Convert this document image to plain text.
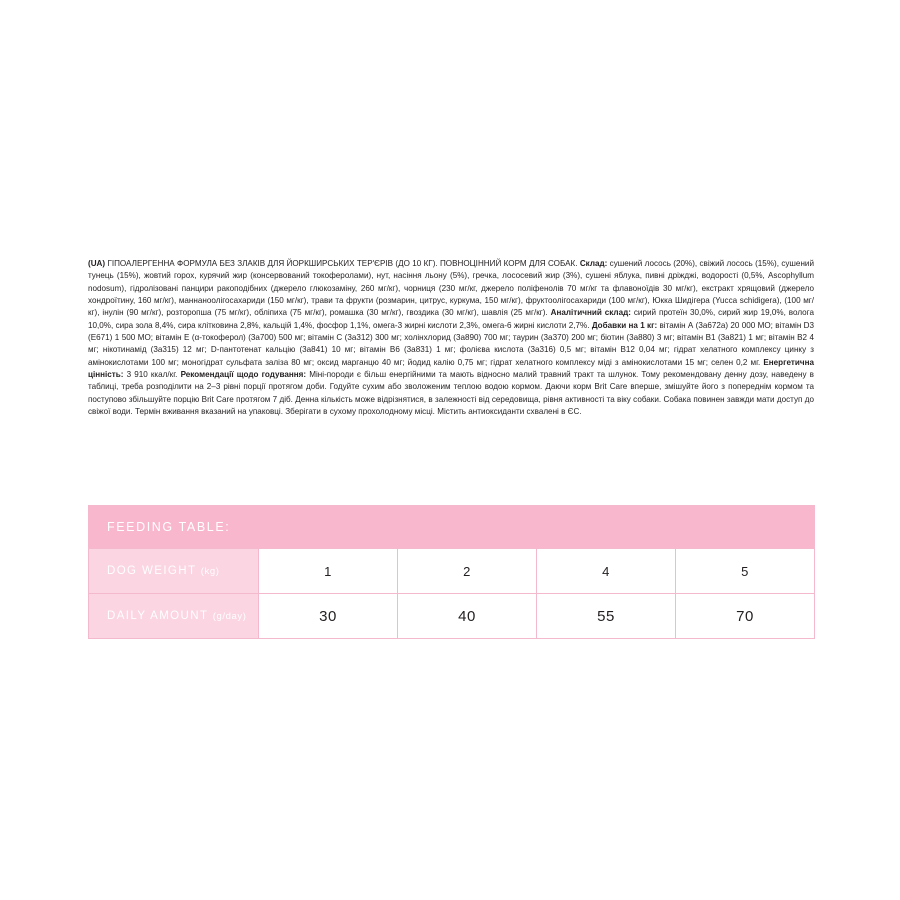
(UA) ГІПОАЛЕРГЕННА ФОРМУЛА БЕЗ ЗЛАКІВ ДЛЯ ЙОРКШИРСЬКИХ ТЕР'ЄРІВ (ДО 10 КГ). ПОВНОЦІННИЙ КОРМ ДЛЯ СОБАК. Склад: сушений лосось (20%), свіжий лосось (15%), сушений тунець (15%), жовтий горох, курячий жир (консервований токоферолами), нут, насіння льону (5%), гречка, лососевий жир (3%), сушені яблука, пивні дріжджі, водорості (0,5%, Ascophyllum nodosum), гідролізовані панцири ракоподібних (джерело глюкозаміну, 260 мг/кг), чорниця (230 мг/кг, джерело поліфенолів 70 мг/кг та флавоноїдів 30 мг/кг), екстракт хрящовий (джерело хондроїтину, 160 мг/кг), маннаноолігосахариди (150 мг/кг), трави та фрукти (розмарин, цитрус, куркума, 150 мг/кг), фруктоолігосахариди (100 мг/кг), Юкка Шидігера (Yucca schidigera), (100 мг/кг), інулін (90 мг/кг), розторопша (75 мг/кг), обліпиха (75 мг/кг), ромашка (30 мг/кг), гвоздика (30 мг/кг), шавлія (25 мг/кг). Аналітичний склад: сирий протеїн 30,0%, сирий жир 19,0%, волога 10,0%, сира зола 8,4%, сира клітковина 2,8%, кальцій 1,4%, фосфор 1,1%, омега-3 жирні кислоти 2,3%, омега-6 жирні кислоти 2,7%. Добавки на 1 кг: вітамін А (3а672а) 20 000 МО; вітамін D3 (Е671) 1 500 МО; вітамін Е (α-токоферол) (3а700) 500 мг; вітамін С (3а312) 300 мг; холінхлорид (3а890) 700 мг; таурин (3а370) 200 мг; біотин (3а880) 3 мг; вітамін В1 (3а821) 1 мг; вітамін В2 4 мг; нікотинамід (3а315) 12 мг; D-пантотенат кальцію (3а841) 10 мг; вітамін В6 (3а831) 1 мг; фолієва кислота (3а316) 0,5 мг; вітамін В12 0,04 мг; гідрат хелатного комплексу цинку з амінокислотами 100 мг; моногідрат сульфата заліза 80 мг; оксид марганцю 40 мг; йодид калію 0,75 мг; гідрат хелатного комплексу міді з амінокислотами 15 мг; селен 0,2 мг. Енергетична цінність: 3 910 ккал/кг. Рекомендації щодо годування: Міні-породи є більш енергійними та мають відносно малий травний тракт та шлунок. Тому рекомендовану денну дозу, наведену в таблиці, треба розподілити на 2–3 рівні порції протягом доби. Годуйте сухим або зволоженим теплою водою кормом. Даючи корм Brit Care вперше, змішуйте його з попереднім кормом та поступово збільшуйте порцію Brit Care протягом 7 діб. Денна кількість може відрізнятися, в залежності від середовища, рівня активності та віку собаки. Собака повинен завжди мати доступ до свіжої води. Термін вживання вказаний на упаковці. Зберігати в сухому прохолодному місці. Містить антиоксиданти схвалені в ЄС.

FEEDING TABLE:				
DOG WEIGHT (kg)	1	2	4	5
DAILY AMOUNT (g/day)	30	40	55	70
